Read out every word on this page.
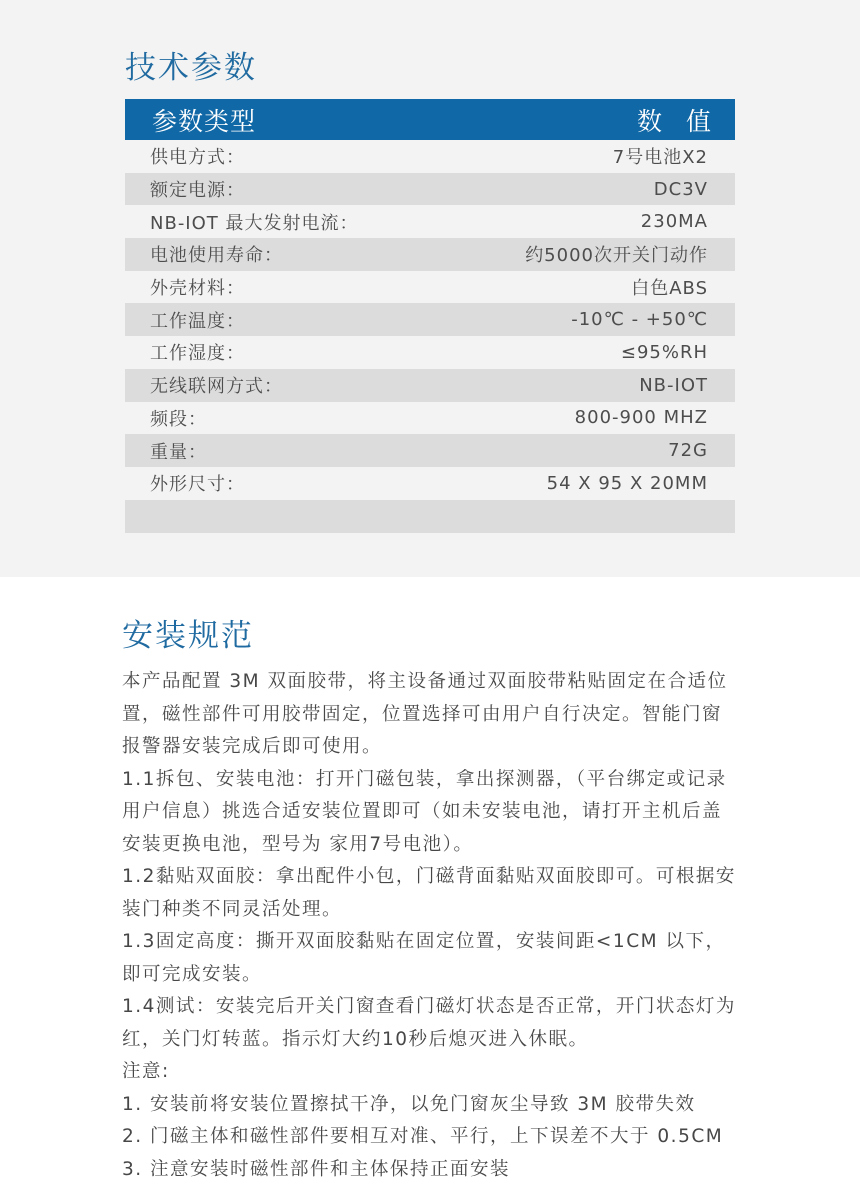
技术参数
参数类型	数值
供电方式：	7号电池X2
额定电源：	DC3V
NB-IOT 最大发射电流：	230MA
电池使用寿命：	约5000次开关门动作
外壳材料：	白色ABS
工作温度：	-10℃ - +50℃
工作湿度：	≤95%RH
无线联网方式：	NB-IOT
频段：	800-900 MHZ
重量：	72G
外形尺寸：	54 X 95 X 20MM
安装规范

本产品配置 3M 双面胶带，将主设备通过双面胶带粘贴固定在合适位置，磁性部件可用胶带固定，位置选择可由用户自行决定。智能门窗报警器安装完成后即可使用。

1.1拆包、安装电池：打开门磁包装，拿出探测器，（平台绑定或记录用户信息）挑选合适安装位置即可（如未安装电池，请打开主机后盖安装更换电池，型号为 家用7号电池）。

1.2黏贴双面胶：拿出配件小包，门磁背面黏贴双面胶即可。可根据安装门种类不同灵活处理。

1.3固定高度：撕开双面胶黏贴在固定位置，安装间距<1CM 以下，即可完成安装。

1.4测试：安装完后开关门窗查看门磁灯状态是否正常，开门状态灯为红，关门灯转蓝。指示灯大约10秒后熄灭进入休眠。

注意:

1. 安装前将安装位置擦拭干净，以免门窗灰尘导致 3M 胶带失效

2. 门磁主体和磁性部件要相互对准、平行，上下误差不大于 0.5CM

3. 注意安装时磁性部件和主体保持正面安装
